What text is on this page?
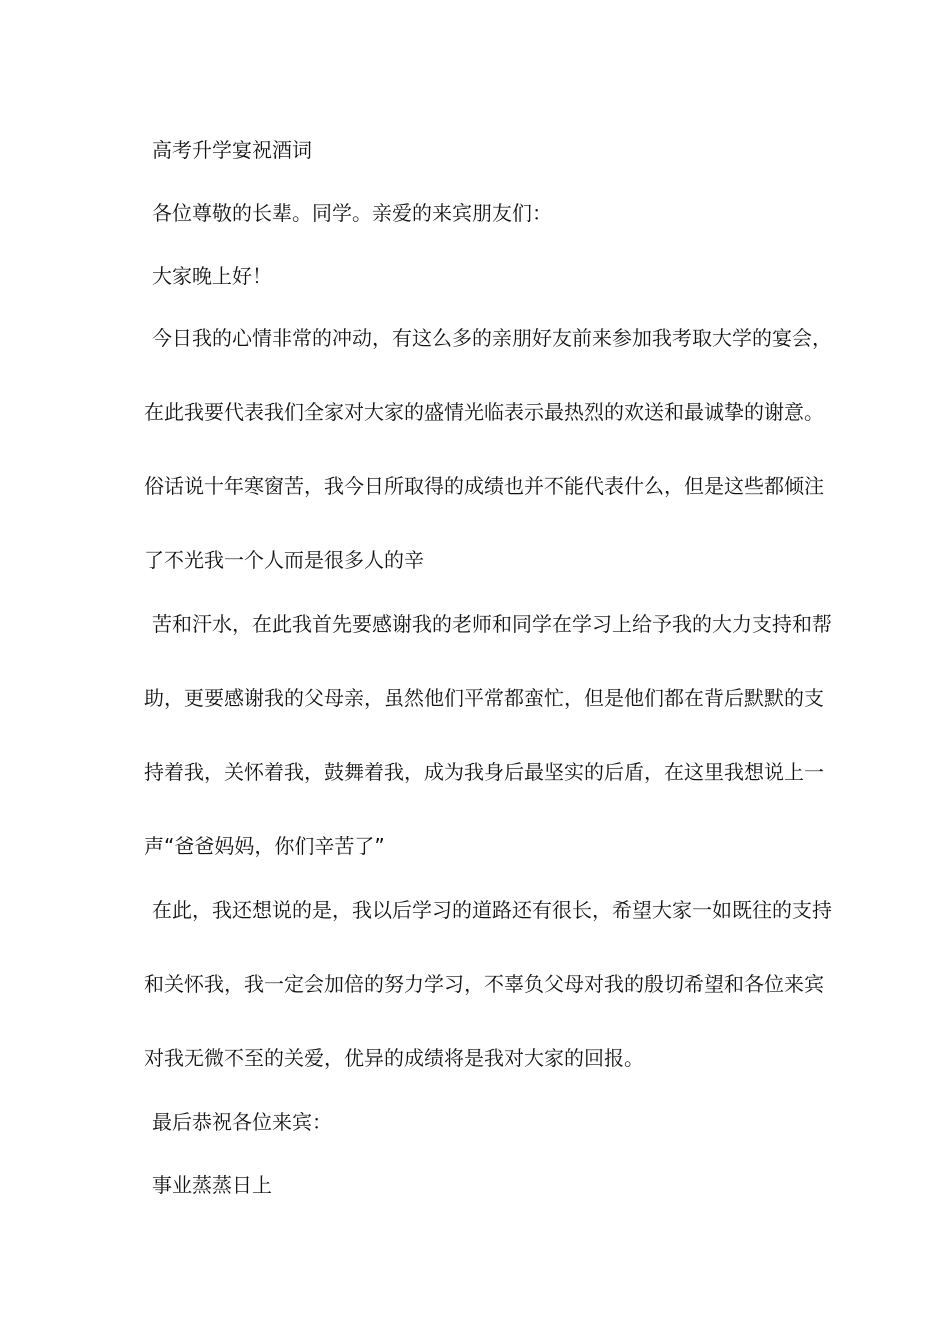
高考升学宴祝酒词
各位尊敬的长辈。同学。亲爱的来宾朋友们：
大家晚上好！
今日我的心情非常的冲动，有这么多的亲朋好友前来参加我考取大学的宴会，
在此我要代表我们全家对大家的盛情光临表示最热烈的欢送和最诚挚的谢意。
俗话说十年寒窗苦，我今日所取得的成绩也并不能代表什么，但是这些都倾注
了不光我一个人而是很多人的辛
苦和汗水，在此我首先要感谢我的老师和同学在学习上给予我的大力支持和帮
助，更要感谢我的父母亲，虽然他们平常都蛮忙，但是他们都在背后默默的支
持着我，关怀着我，鼓舞着我，成为我身后最坚实的后盾，在这里我想说上一
声“爸爸妈妈，你们辛苦了”
在此，我还想说的是，我以后学习的道路还有很长，希望大家一如既往的支持
和关怀我，我一定会加倍的努力学习，不辜负父母对我的殷切希望和各位来宾
对我无微不至的关爱，优异的成绩将是我对大家的回报。
最后恭祝各位来宾：
事业蒸蒸日上
